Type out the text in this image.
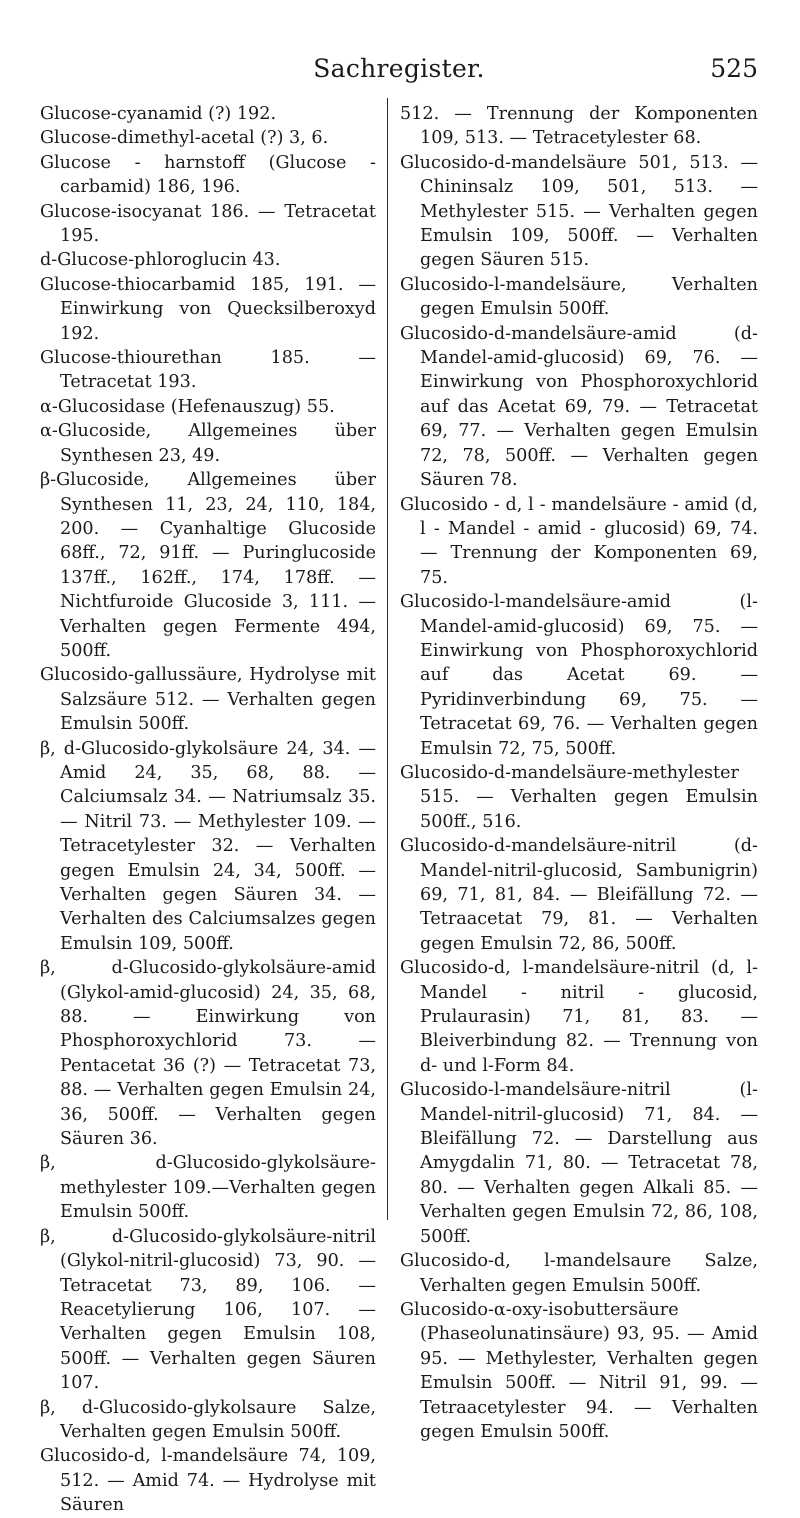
Sachregister.	525
Glucose-cyanamid (?) 192.
Glucose-dimethyl-acetal (?) 3, 6.
Glucose - harnstoff (Glucose - carbamid) 186, 196.
Glucose-isocyanat 186. — Tetracetat 195.
d-Glucose-phloroglucin 43.
Glucose-thiocarbamid 185, 191. — Einwirkung von Quecksilberoxyd 192.
Glucose-thiourethan 185. — Tetracetat 193.
α-Glucosidase (Hefenauszug) 55.
α-Glucoside, Allgemeines über Synthesen 23, 49.
β-Glucoside, Allgemeines über Synthesen 11, 23, 24, 110, 184, 200. — Cyanhaltige Glucoside 68ff., 72, 91ff. — Puringlucoside 137ff., 162ff., 174, 178ff. — Nichtfuroide Glucoside 3, 111. — Verhalten gegen Fermente 494, 500ff.
Glucosido-gallussäure, Hydrolyse mit Salzsäure 512. — Verhalten gegen Emulsin 500ff.
β, d-Glucosido-glykolsäure 24, 34. — Amid 24, 35, 68, 88. — Calciumsalz 34. — Natriumsalz 35. — Nitril 73. — Methylester 109. — Tetracetylester 32. — Verhalten gegen Emulsin 24, 34, 500ff. — Verhalten gegen Säuren 34. — Verhalten des Calciumsalzes gegen Emulsin 109, 500ff.
β, d-Glucosido-glykolsäure-amid (Glykol-amid-glucosid) 24, 35, 68, 88. — Einwirkung von Phosphoroxychlorid 73. — Pentacetat 36 (?) — Tetracetat 73, 88. — Verhalten gegen Emulsin 24, 36, 500ff. — Verhalten gegen Säuren 36.
β, d-Glucosido-glykolsäure-methylester 109.—Verhalten gegen Emulsin 500ff.
β, d-Glucosido-glykolsäure-nitril (Glykol-nitril-glucosid) 73, 90. — Tetracetat 73, 89, 106. — Reacetylierung 106, 107. — Verhalten gegen Emulsin 108, 500ff. — Verhalten gegen Säuren 107.
β, d-Glucosido-glykolsaure Salze, Verhalten gegen Emulsin 500ff.
Glucosido-d, l-mandelsäure 74, 109, 512. — Amid 74. — Hydrolyse mit Säuren
512. — Trennung der Komponenten 109, 513. — Tetracetylester 68.
Glucosido-d-mandelsäure 501, 513. — Chininsalz 109, 501, 513. — Methylester 515. — Verhalten gegen Emulsin 109, 500ff. — Verhalten gegen Säuren 515.
Glucosido-l-mandelsäure, Verhalten gegen Emulsin 500ff.
Glucosido-d-mandelsäure-amid (d-Mandel-amid-glucosid) 69, 76. — Einwirkung von Phosphoroxychlorid auf das Acetat 69, 79. — Tetracetat 69, 77. — Verhalten gegen Emulsin 72, 78, 500ff. — Verhalten gegen Säuren 78.
Glucosido - d, l - mandelsäure - amid (d, l - Mandel - amid - glucosid) 69, 74. — Trennung der Komponenten 69, 75.
Glucosido-l-mandelsäure-amid (l-Mandel-amid-glucosid) 69, 75. — Einwirkung von Phosphoroxychlorid auf das Acetat 69. — Pyridinverbindung 69, 75. — Tetracetat 69, 76. — Verhalten gegen Emulsin 72, 75, 500ff.
Glucosido-d-mandelsäure-methylester 515. — Verhalten gegen Emulsin 500ff., 516.
Glucosido-d-mandelsäure-nitril (d-Mandel-nitril-glucosid, Sambunigrin) 69, 71, 81, 84. — Bleifällung 72. — Tetraacetat 79, 81. — Verhalten gegen Emulsin 72, 86, 500ff.
Glucosido-d, l-mandelsäure-nitril (d, l-Mandel - nitril - glucosid, Prulaurasin) 71, 81, 83. — Bleiverbindung 82. — Trennung von d- und l-Form 84.
Glucosido-l-mandelsäure-nitril (l-Mandel-nitril-glucosid) 71, 84. — Bleifällung 72. — Darstellung aus Amygdalin 71, 80. — Tetracetat 78, 80. — Verhalten gegen Alkali 85. — Verhalten gegen Emulsin 72, 86, 108, 500ff.
Glucosido-d, l-mandelsaure Salze, Verhalten gegen Emulsin 500ff.
Glucosido-α-oxy-isobuttersäure (Phaseolunatinsäure) 93, 95. — Amid 95. — Methylester, Verhalten gegen Emulsin 500ff. — Nitril 91, 99. — Tetraacetylester 94. — Verhalten gegen Emulsin 500ff.
